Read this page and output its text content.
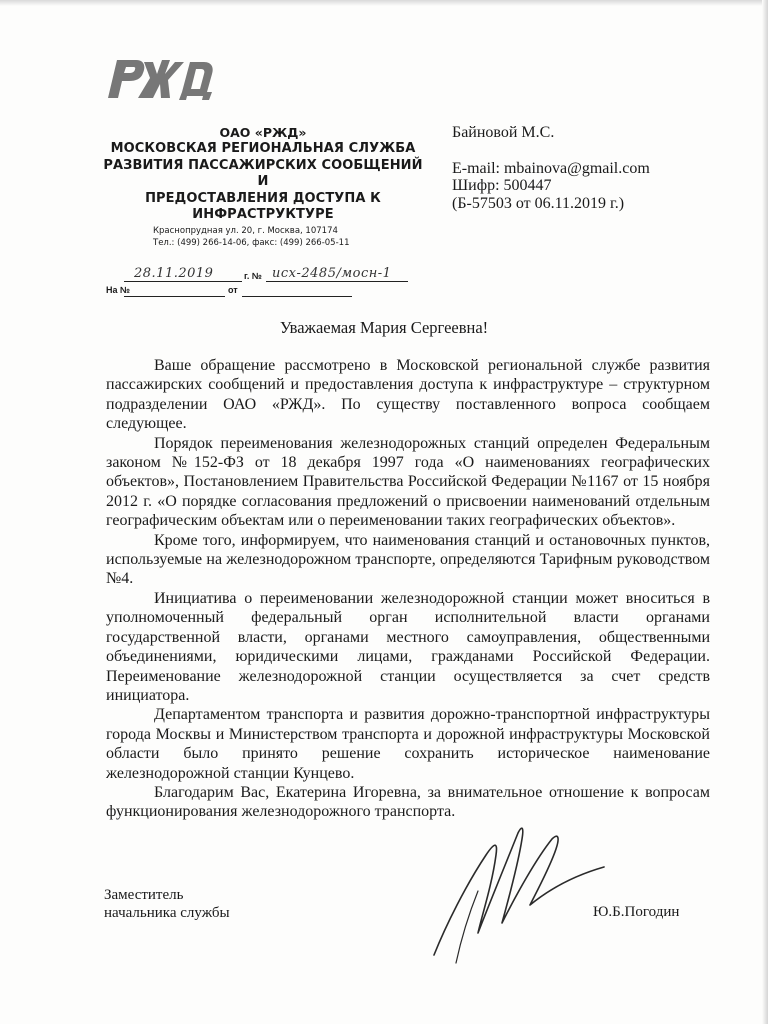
ОАО «РЖД»
МОСКОВСКАЯ РЕГИОНАЛЬНАЯ СЛУЖБА
РАЗВИТИЯ ПАССАЖИРСКИХ СООБЩЕНИЙ И
ПРЕДОСТАВЛЕНИЯ ДОСТУПА К
ИНФРАСТРУКТУРЕ
Краснопрудная ул. 20, г. Москва, 107174
Тел.: (499) 266-14-06, факс: (499) 266-05-11
28.11.2019	г. № исх-2485/мосн-1
На №	от
Байновой М.С.
E-mail: mbainova@gmail.com
Шифр: 500447
(Б-57503 от 06.11.2019 г.)
Уважаемая Мария Сергеевна!

Ваше обращение рассмотрено в Московской региональной службе развития пассажирских сообщений и предоставления доступа к инфраструктуре – структурном подразделении ОАО «РЖД». По существу поставленного вопроса сообщаем следующее.

Порядок переименования железнодорожных станций определен Федеральным законом №152-ФЗ от 18 декабря 1997 года «О наименованиях географических объектов», Постановлением Правительства Российской Федерации №1167 от 15 ноября 2012 г. «О порядке согласования предложений о присвоении наименований отдельным географическим объектам или о переименовании таких географических объектов».

Кроме того, информируем, что наименования станций и остановочных пунктов, используемые на железнодорожном транспорте, определяются Тарифным руководством №4.

Инициатива о переименовании железнодорожной станции может вноситься в уполномоченный федеральный орган исполнительной власти органами государственной власти, органами местного самоуправления, общественными объединениями, юридическими лицами, гражданами Российской Федерации. Переименование железнодорожной станции осуществляется за счет средств инициатора.

Департаментом транспорта и развития дорожно-транспортной инфраструктуры города Москвы и Министерством транспорта и дорожной инфраструктуры Московской области было принято решение сохранить историческое наименование железнодорожной станции Кунцево.

Благодарим Вас, Екатерина Игоревна, за внимательное отношение к вопросам функционирования железнодорожного транспорта.

Заместитель
начальника службы	Ю.Б.Погодин
